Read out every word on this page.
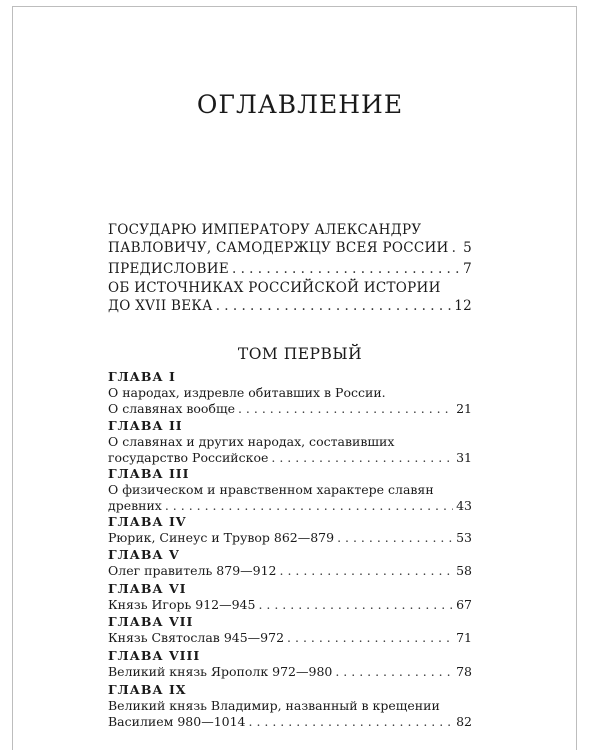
ОГЛАВЛЕНИЕ
ГОСУДАРЮ ИМПЕРАТОРУ АЛЕКСАНДРУ
ПАВЛОВИЧУ, САМОДЕРЖЦУ ВСЕЯ РОССИИ . . . 5
ПРЕДИСЛОВИЕ . . .	7
ОБ ИСТОЧНИКАХ РОССИЙСКОЙ ИСТОРИИ
ДО XVII ВЕКА . . .	12
ТОМ ПЕРВЫЙ
ГЛАВА I
О народах, издревле обитавших в России.
О славянах вообще . . .	21
ГЛАВА II
О славянах и других народах, составивших
государство Российское . . .	31
ГЛАВА III
О физическом и нравственном характере славян
древних . . .	43
ГЛАВА IV
Рюрик, Синеус и Трувор 862—879 . . .	53
ГЛАВА V
Олег правитель 879—912 . . .	58
ГЛАВА VI
Князь Игорь 912—945 . . .	67
ГЛАВА VII
Князь Святослав 945—972 . . .	71
ГЛАВА VIII
Великий князь Ярополк 972—980 . . .	78
ГЛАВА IX
Великий князь Владимир, названный в крещении
Василием 980—1014 . . .	82
